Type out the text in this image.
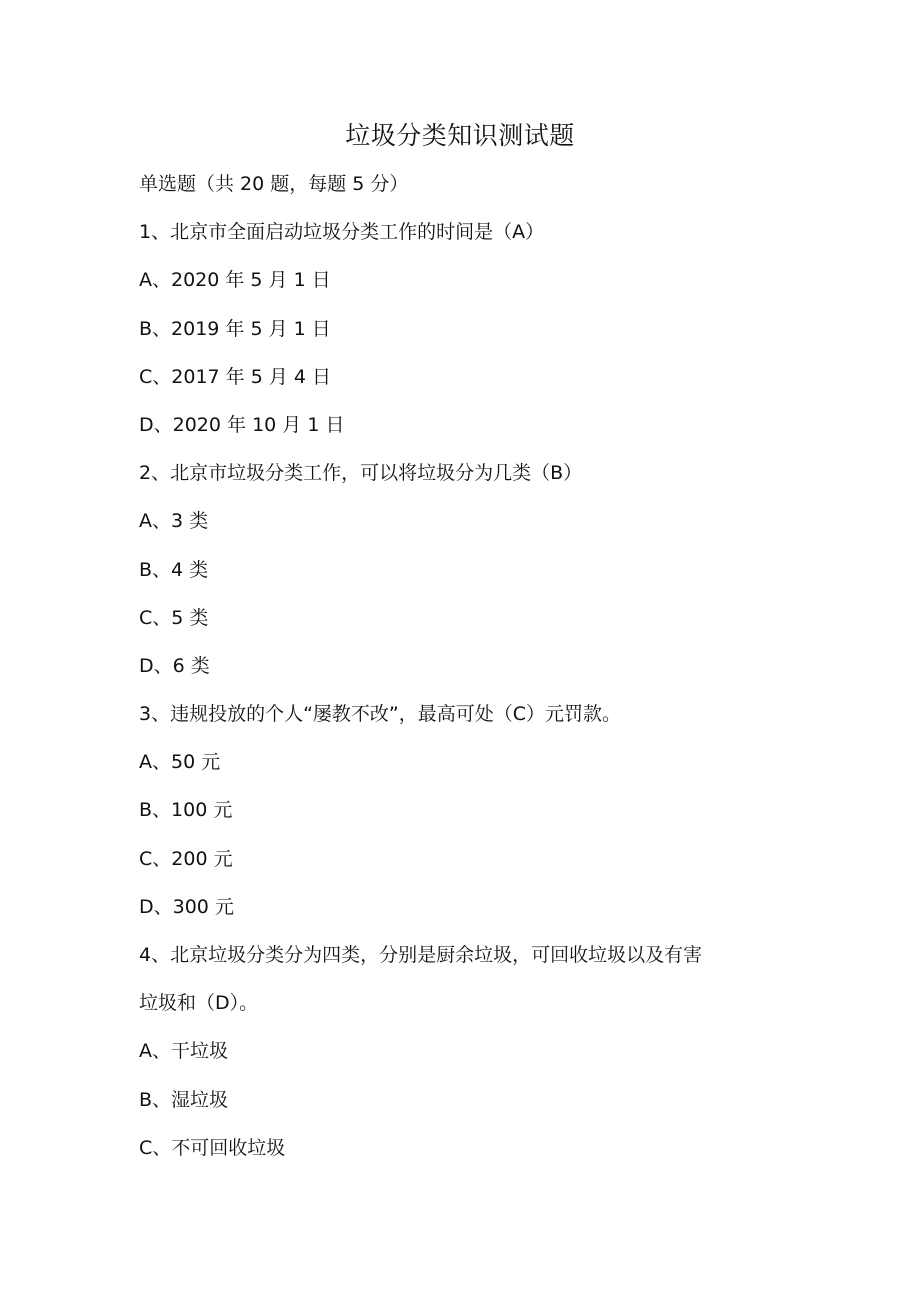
垃圾分类知识测试题
单选题（共 20 题，每题 5 分）
1、北京市全面启动垃圾分类工作的时间是（A）
A、2020 年 5 月 1 日
B、2019 年 5 月 1 日
C、2017 年 5 月 4 日
D、2020 年 10 月 1 日
2、北京市垃圾分类工作，可以将垃圾分为几类（B）
A、3 类
B、4 类
C、5 类
D、6 类
3、违规投放的个人“屡教不改”，最高可处（C）元罚款。
A、50 元
B、100 元
C、200 元
D、300 元
4、北京垃圾分类分为四类，分别是厨余垃圾，可回收垃圾以及有害
垃圾和（D）。
A、干垃圾
B、湿垃圾
C、不可回收垃圾
